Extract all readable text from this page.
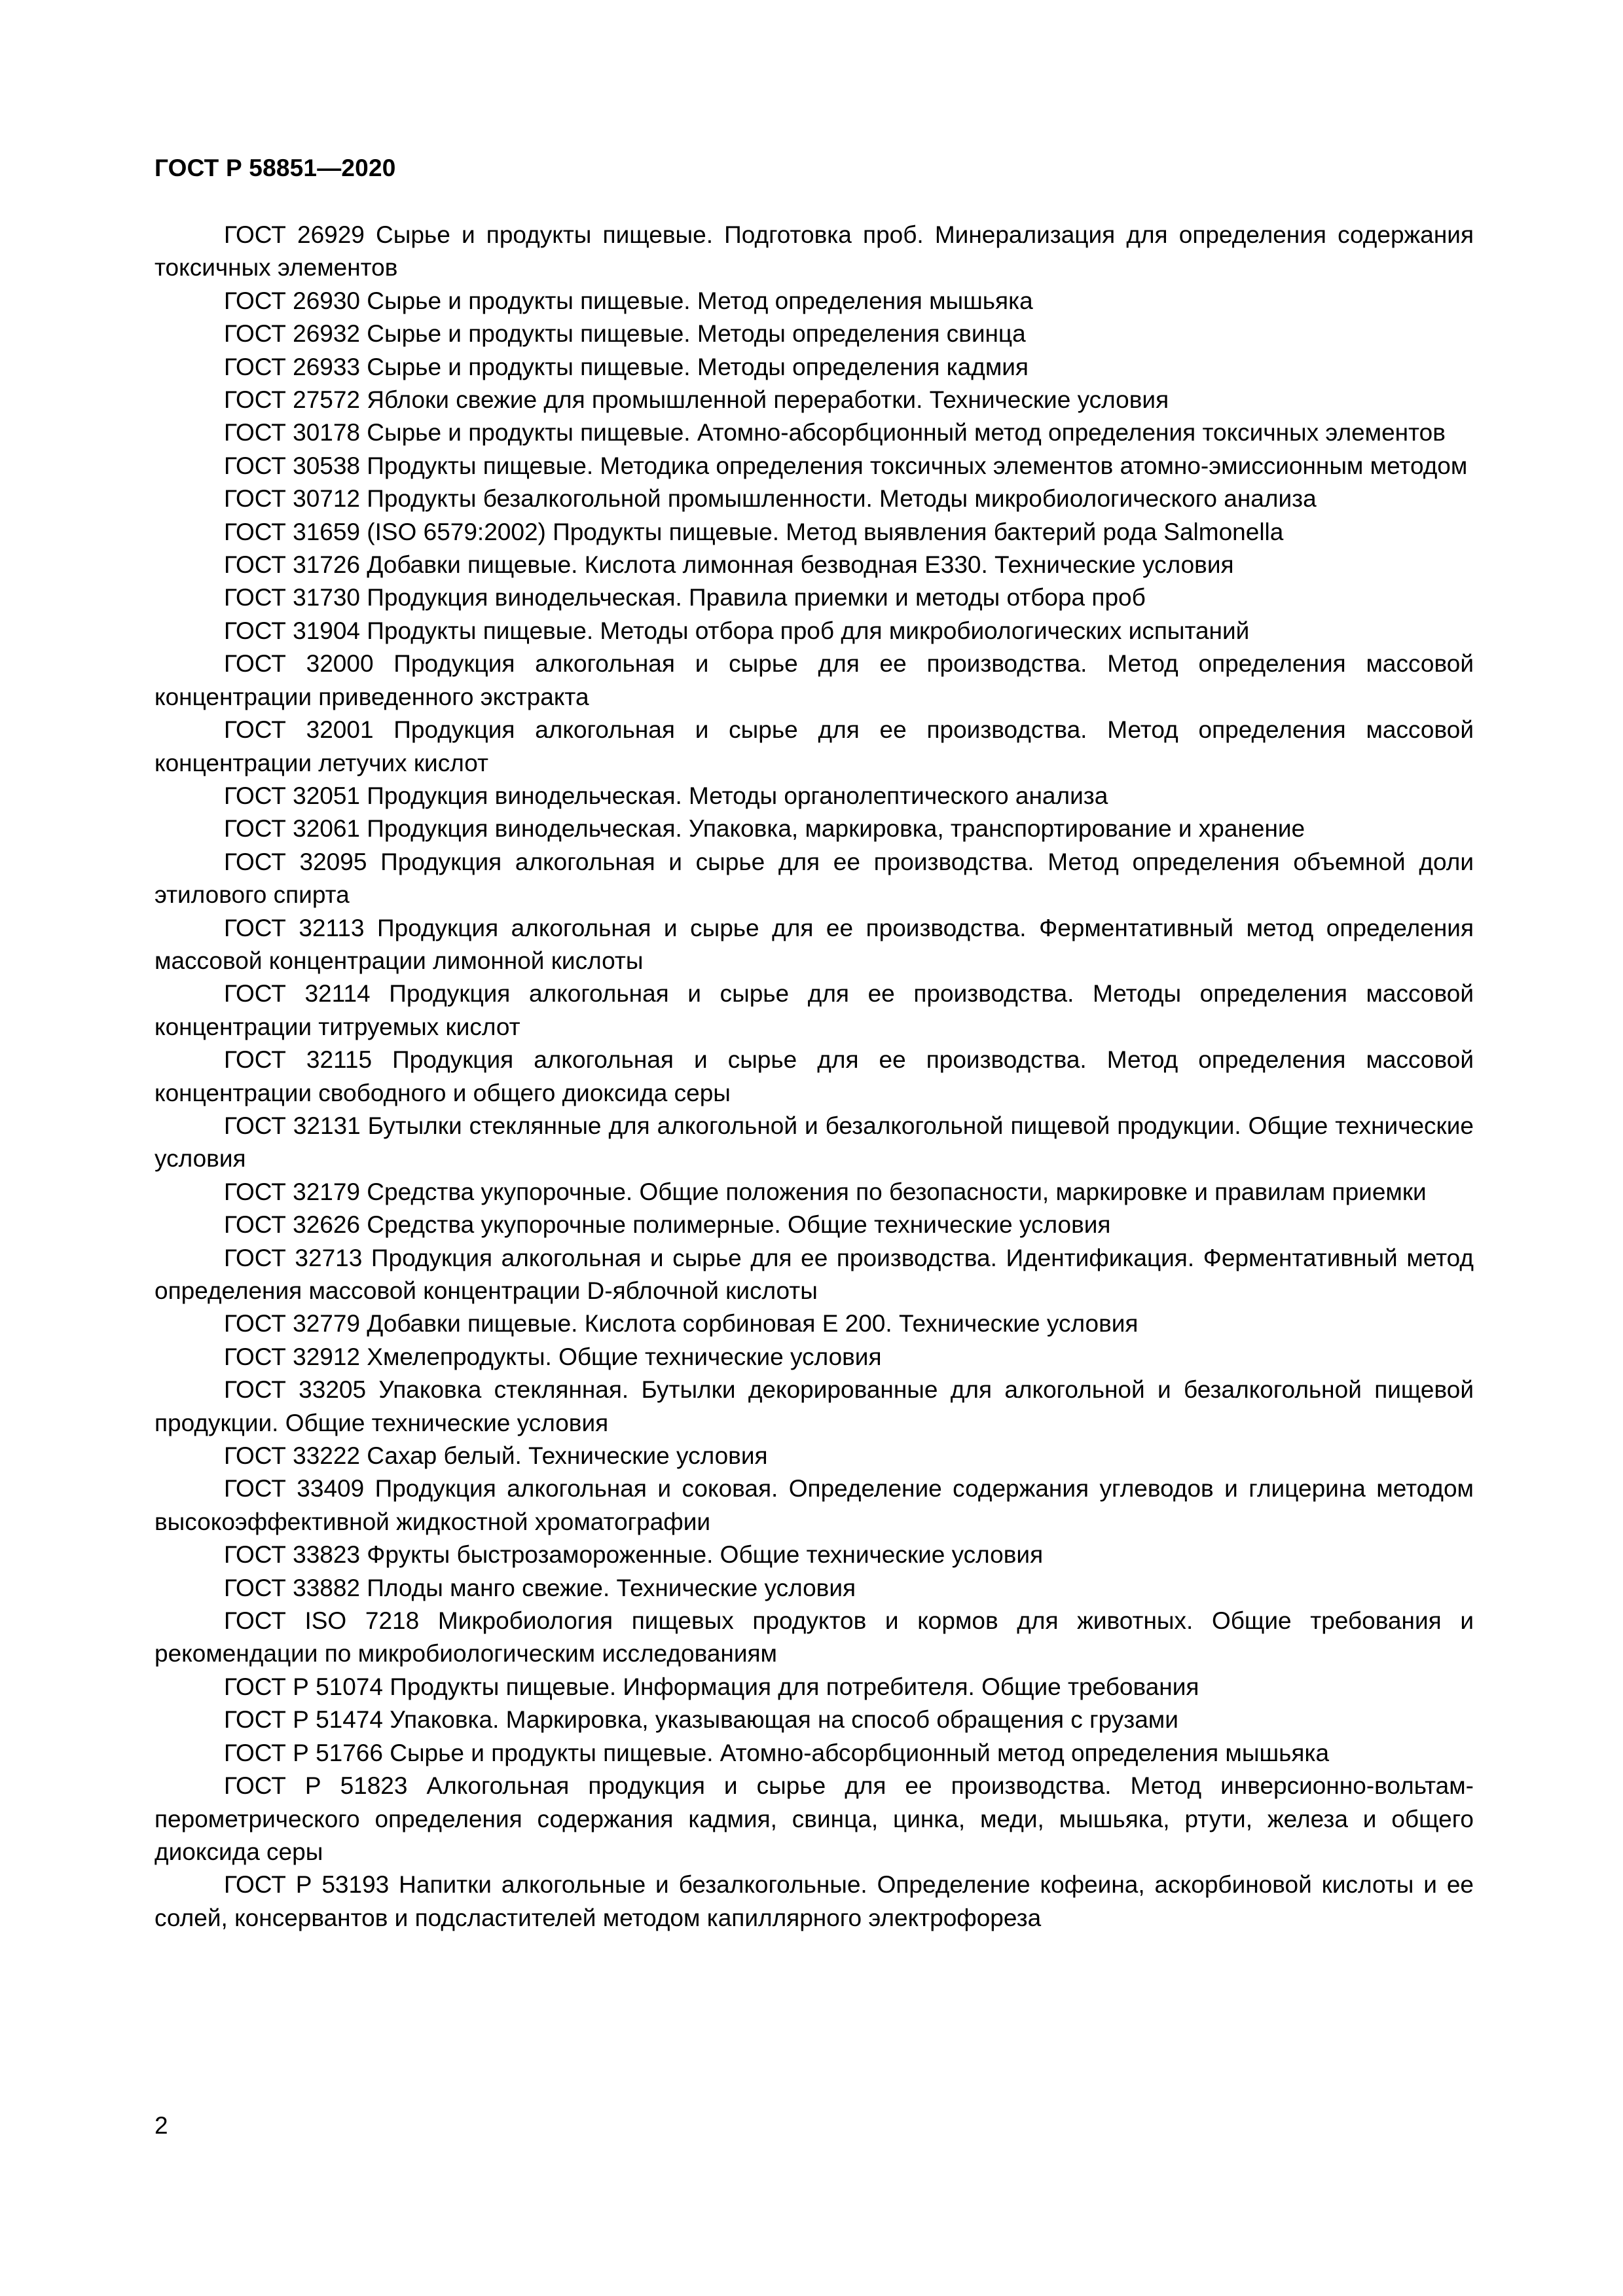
ГОСТ Р 58851—2020

ГОСТ 26929 Сырье и продукты пищевые. Подготовка проб. Минерализация для определения содержания токсичных элементов

ГОСТ 26930 Сырье и продукты пищевые. Метод определения мышьяка

ГОСТ 26932 Сырье и продукты пищевые. Методы определения свинца

ГОСТ 26933 Сырье и продукты пищевые. Методы определения кадмия

ГОСТ 27572 Яблоки свежие для промышленной переработки. Технические условия

ГОСТ 30178 Сырье и продукты пищевые. Атомно-абсорбционный метод определения токсичных элементов

ГОСТ 30538 Продукты пищевые. Методика определения токсичных элементов атомно-эмиссионным методом

ГОСТ 30712 Продукты безалкогольной промышленности. Методы микробиологического анализа

ГОСТ 31659 (ISO 6579:2002) Продукты пищевые. Метод выявления бактерий рода Salmonella

ГОСТ 31726 Добавки пищевые. Кислота лимонная безводная Е330. Технические условия

ГОСТ 31730 Продукция винодельческая. Правила приемки и методы отбора проб

ГОСТ 31904 Продукты пищевые. Методы отбора проб для микробиологических испытаний

ГОСТ 32000 Продукция алкогольная и сырье для ее производства. Метод определения массовой концентрации приведенного экстракта

ГОСТ 32001 Продукция алкогольная и сырье для ее производства. Метод определения массовой концентрации летучих кислот

ГОСТ 32051 Продукция винодельческая. Методы органолептического анализа

ГОСТ 32061 Продукция винодельческая. Упаковка, маркировка, транспортирование и хранение

ГОСТ 32095 Продукция алкогольная и сырье для ее производства. Метод определения объемной доли этилового спирта

ГОСТ 32113 Продукция алкогольная и сырье для ее производства. Ферментативный метод определения массовой концентрации лимонной кислоты

ГОСТ 32114 Продукция алкогольная и сырье для ее производства. Методы определения массовой концентрации титруемых кислот

ГОСТ 32115 Продукция алкогольная и сырье для ее производства. Метод определения массовой концентрации свободного и общего диоксида серы

ГОСТ 32131 Бутылки стеклянные для алкогольной и безалкогольной пищевой продукции. Общие технические условия

ГОСТ 32179 Средства укупорочные. Общие положения по безопасности, маркировке и правилам приемки

ГОСТ 32626 Средства укупорочные полимерные. Общие технические условия

ГОСТ 32713 Продукция алкогольная и сырье для ее производства. Идентификация. Ферментативный метод определения массовой концентрации D-яблочной кислоты

ГОСТ 32779 Добавки пищевые. Кислота сорбиновая Е 200. Технические условия

ГОСТ 32912 Хмелепродукты. Общие технические условия

ГОСТ 33205 Упаковка стеклянная. Бутылки декорированные для алкогольной и безалкогольной пищевой продукции. Общие технические условия

ГОСТ 33222 Сахар белый. Технические условия

ГОСТ 33409 Продукция алкогольная и соковая. Определение содержания углеводов и глицерина методом высокоэффективной жидкостной хроматографии

ГОСТ 33823 Фрукты быстрозамороженные. Общие технические условия

ГОСТ 33882 Плоды манго свежие. Технические условия

ГОСТ ISO 7218 Микробиология пищевых продуктов и кормов для животных. Общие требования и рекомендации по микробиологическим исследованиям

ГОСТ Р 51074 Продукты пищевые. Информация для потребителя. Общие требования

ГОСТ Р 51474 Упаковка. Маркировка, указывающая на способ обращения с грузами

ГОСТ Р 51766 Сырье и продукты пищевые. Атомно-абсорбционный метод определения мышьяка

ГОСТ Р 51823 Алкогольная продукция и сырье для ее производства. Метод инверсионно-вольтамперометрического определения содержания кадмия, свинца, цинка, меди, мышьяка, ртути, железа и общего диоксида серы

ГОСТ Р 53193 Напитки алкогольные и безалкогольные. Определение кофеина, аскорбиновой кислоты и ее солей, консервантов и подсластителей методом капиллярного электрофореза

2
